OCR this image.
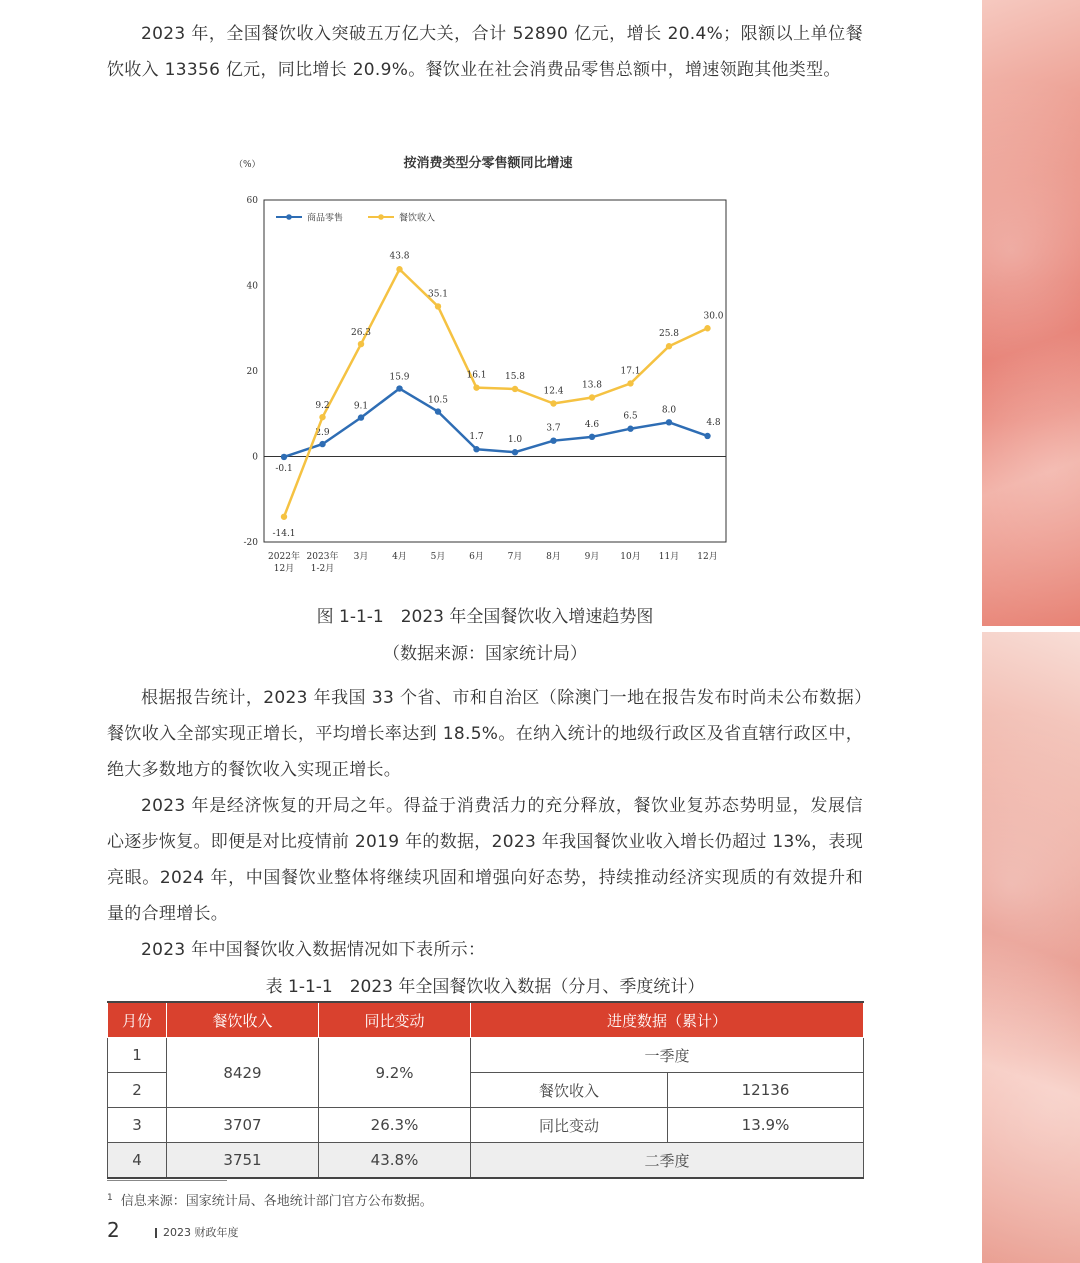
2023 年，全国餐饮收入突破五万亿大关，合计 52890 亿元，增长 20.4%；限额以上单位餐饮收入 13356 亿元，同比增长 20.9%。餐饮业在社会消费品零售总额中，增速领跑其他类型。

按消费类型分零售额同比增速
（%）
-20
0
20
40
60
2022年
12月
2023年
1-2月
3月	4月	5月	6月	7月	8月	9月 10月 11月 12月
商品零售	餐饮收入
-0.1
2.9
9.1
15.9
10.5
1.7	1.0
3.7	4.6
6.5
8.0
4.8
-14.1
9.2
26.3
43.8
35.1
16.1 15.8
12.4
13.8
17.1
25.8
30.0
图 1-1-1　2023 年全国餐饮收入增速趋势图
（数据来源：国家统计局）

根据报告统计，2023 年我国 33 个省、市和自治区（除澳门一地在报告发布时尚未公布数据）餐饮收入全部实现正增长，平均增长率达到 18.5%。在纳入统计的地级行政区及省直辖行政区中，绝大多数地方的餐饮收入实现正增长。

2023 年是经济恢复的开局之年。得益于消费活力的充分释放，餐饮业复苏态势明显，发展信心逐步恢复。即便是对比疫情前 2019 年的数据，2023 年我国餐饮业收入增长仍超过 13%，表现亮眼。2024 年，中国餐饮业整体将继续巩固和增强向好态势，持续推动经济实现质的有效提升和量的合理增长。

2023 年中国餐饮收入数据情况如下表所示：

表 1-1-1　2023 年全国餐饮收入数据（分月、季度统计）
月份	餐饮收入	同比变动	进度数据（累计）	
1	8429	9.2%	一季度	
2			餐饮收入	12136
3	3707	26.3%	同比变动	13.9%
4	3751	43.8%	二季度	
$^1$ 信息来源：国家统计局、各地统计部门官方公布数据。
2	2023 财政年度
